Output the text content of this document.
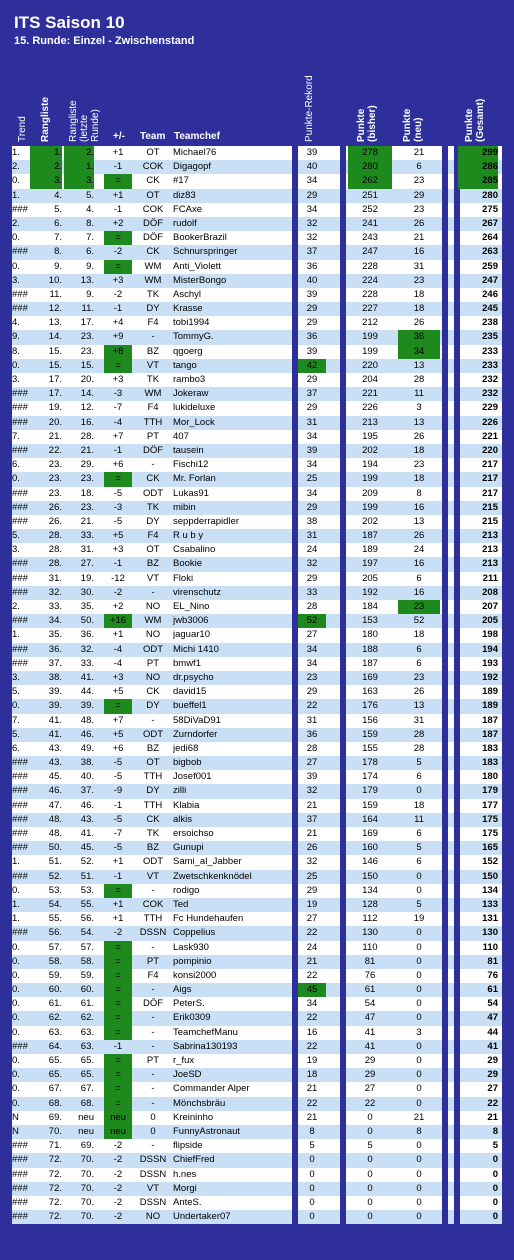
ITS Saison 10
15. Runde: Einzel - Zwischenstand
Trend Rangliste Rangliste (letzte Runde) +/- Team Teamchef	Punkte-Rekord	Punkte (bisher) Punkte (neu)	Punkte (Gesamt)
1.	1.	2.	+1	OT	Michael76	39	278	21	299
2.	2.	1.	-1	COK	Digagopf	40	280	6	286
0.	3.	3.	=	CK	#17	34	262	23	285
1.	4.	5.	+1	OT	diz83	29	251	29	280
###	5.	4.	-1	COK	FCAxe	34	252	23	275
2.	6.	8.	+2	DÖF	rudolf	32	241	26	267
0.	7.	7.	=	DÖF	BookerBrazil	32	243	21	264
###	8.	6.	-2	CK	Schnurspringer	37	247	16	263
0.	9.	9.	=	WM	Anti_Violett	36	228	31	259
3.	10.	13.	+3	WM	MisterBongo	40	224	23	247
###	11.	9.	-2	TK	Aschyl	39	228	18	246
###	12.	11.	-1	DY	Krasse	29	227	18	245
4.	13.	17.	+4	F4	tobi1994	29	212	26	238
9.	14.	23.	+9	-	TommyG.	36	199	36	235
8.	15.	23.	+8	BZ	qgoerg	39	199	34	233
0.	15.	15.	=	VT	tango	42	220	13	233
3.	17.	20.	+3	TK	rambo3	29	204	28	232
###	17.	14.	-3	WM	Jokeraw	37	221	11	232
###	19.	12.	-7	F4	lukideluxe	29	226	3	229
###	20.	16.	-4	TTH	Mor_Lock	31	213	13	226
7.	21.	28.	+7	PT	407	34	195	26	221
###	22.	21.	-1	DÖF	tausein	39	202	18	220
6.	23.	29.	+6	-	Fischi12	34	194	23	217
0.	23.	23.	=	CK	Mr. Forlan	25	199	18	217
###	23.	18.	-5	ODT	Lukas91	34	209	8	217
###	26.	23.	-3	TK	mibin	29	199	16	215
###	26.	21.	-5	DY	seppderrapidler	38	202	13	215
5.	28.	33.	+5	F4	R u b y	31	187	26	213
3.	28.	31.	+3	OT	Csabalino	24	189	24	213
###	28.	27.	-1	BZ	Bookie	32	197	16	213
###	31.	19.	-12	VT	Floki	29	205	6	211
###	32.	30.	-2	-	virenschutz	33	192	16	208
2.	33.	35.	+2	NO	EL_Nino	28	184	23	207
###	34.	50.	+16	WM	jwb3006	52	153	52	205
1.	35.	36.	+1	NO	jaguar10	27	180	18	198
###	36.	32.	-4	ODT	Michi 1410	34	188	6	194
###	37.	33.	-4	PT	bmwf1	34	187	6	193
3.	38.	41.	+3	NO	dr.psycho	23	169	23	192
5.	39.	44.	+5	CK	david15	29	163	26	189
0.	39.	39.	=	DY	bueffel1	22	176	13	189
7.	41.	48.	+7	-	58DiVaD91	31	156	31	187
5.	41.	46.	+5	ODT	Zurndorfer	36	159	28	187
6.	43.	49.	+6	BZ	jedi68	28	155	28	183
###	43.	38.	-5	OT	bigbob	27	178	5	183
###	45.	40.	-5	TTH	Josef001	39	174	6	180
###	46.	37.	-9	DY	zilli	32	179	0	179
###	47.	46.	-1	TTH	Klabia	21	159	18	177
###	48.	43.	-5	CK	alkis	37	164	11	175
###	48.	41.	-7	TK	ersoichso	21	169	6	175
###	50.	45.	-5	BZ	Gunupi	26	160	5	165
1.	51.	52.	+1	ODT	Sami_al_Jabber	32	146	6	152
###	52.	51.	-1	VT	Zwetschkenknödel	25	150	0	150
0.	53.	53.	=	-	rodigo	29	134	0	134
1.	54.	55.	+1	COK	Ted	19	128	5	133
1.	55.	56.	+1	TTH	Fc Hundehaufen	27	112	19	131
###	56.	54.	-2	DSSN Coppelius	22	130	0	130
0.	57.	57.	=	-	Lask930	24	110	0	110
0.	58.	58.	=	PT	pompinio	21	81	0	81
0.	59.	59.	=	F4	konsi2000	22	76	0	76
0.	60.	60.	=	-	Aigs	45	61	0	61
0.	61.	61.	=	DÖF	PeterS.	34	54	0	54
0.	62.	62.	=	-	Erik0309	22	47	0	47
0.	63.	63.	=	-	TeamchefManu	16	41	3	44
###	64.	63.	-1	-	Sabrina130193	22	41	0	41
0.	65.	65.	=	PT	r_fux	19	29	0	29
0.	65.	65.	=	-	JoeSD	18	29	0	29
0.	67.	67.	=	-	Commander Alper	21	27	0	27
0.	68.	68.	=	-	Mönchsbräu	22	22	0	22
N	69.	neu	neu	0	Kreininho	21	0	21	21
N	70.	neu	neu	0	FunnyAstronaut	8	0	8	8
###	71.	69.	-2	-	flipside	5	5	0	5
###	72.	70.	-2	DSSN ChiefFred	0	0	0	0
###	72.	70.	-2	DSSN h.nes	0	0	0	0
###	72.	70.	-2	VT	Morgi	0	0	0	0
###	72.	70.	-2	DSSN AnteS.	0	0	0	0
###	72.	70.	-2	NO	Undertaker07	0	0	0	0
